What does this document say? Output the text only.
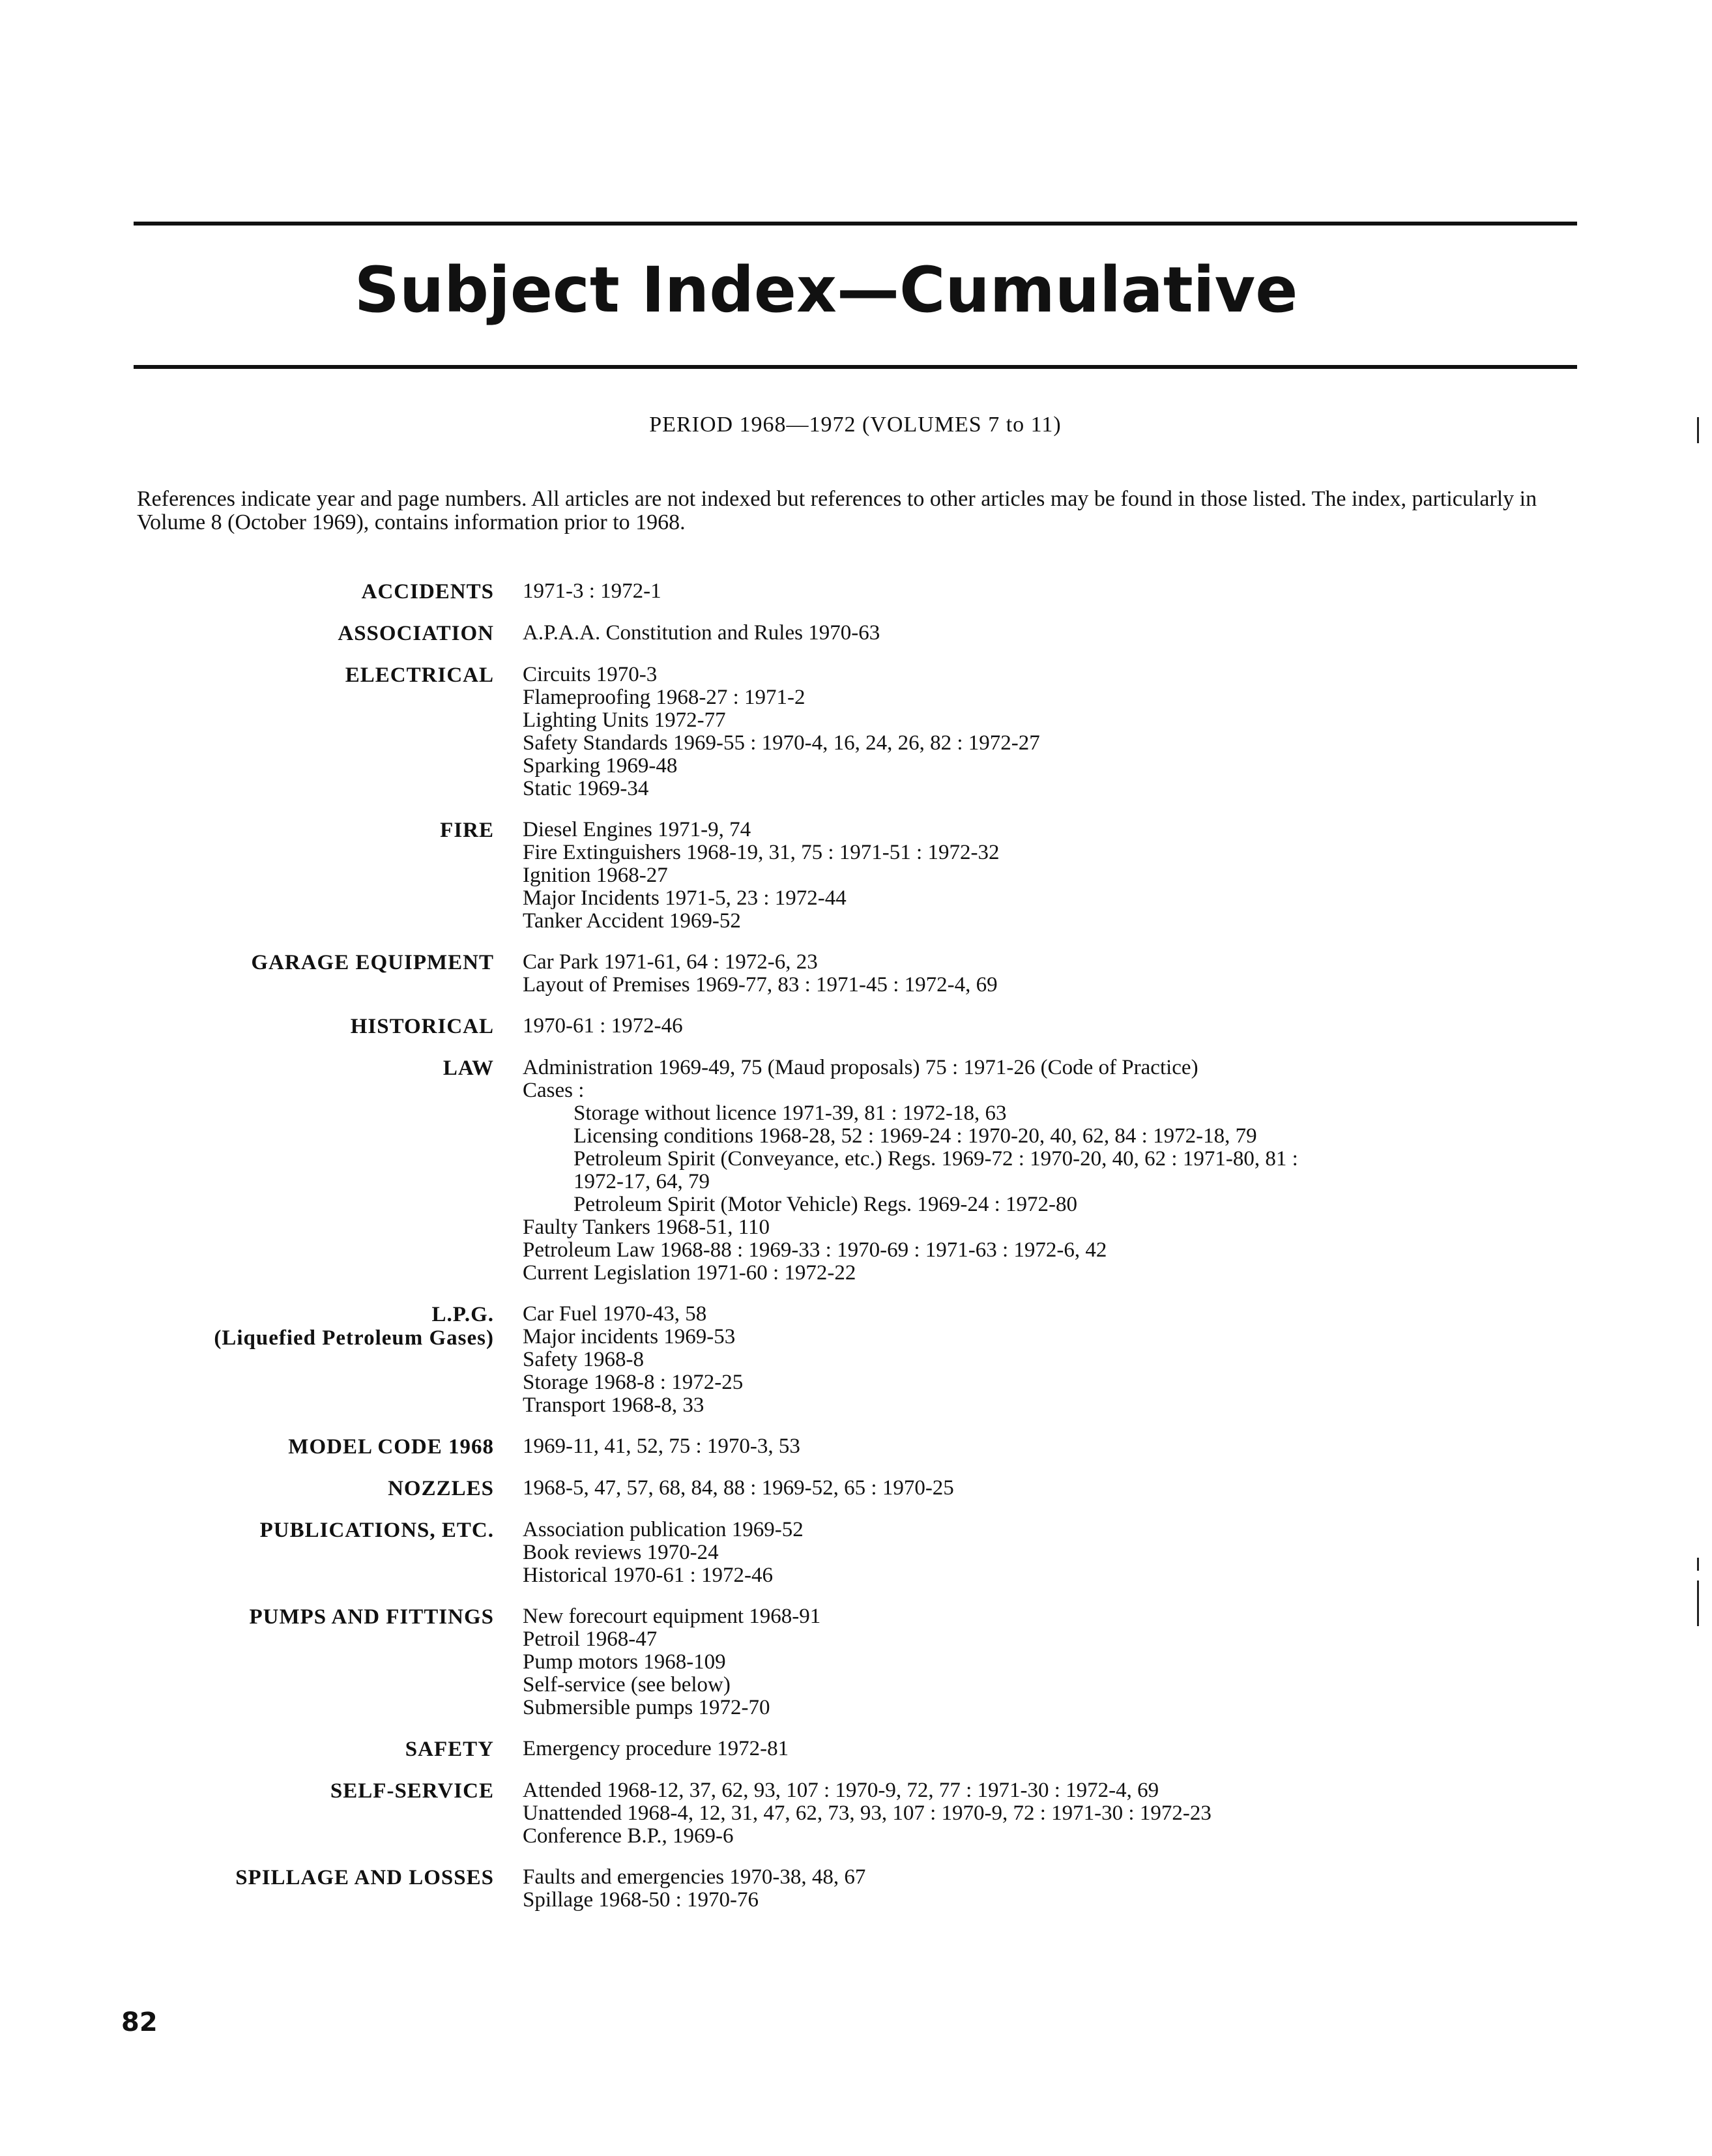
Subject Index—Cumulative
PERIOD 1968—1972 (VOLUMES 7 to 11)

References indicate year and page numbers. All articles are not indexed but references to other articles may be found in those listed. The index, particularly in Volume 8 (October 1969), contains information prior to 1968.

ACCIDENTS 1971-3 : 1972-1
ASSOCIATION A.P.A.A. Constitution and Rules 1970-63
ELECTRICAL Circuits 1970-3
Flameproofing 1968-27 : 1971-2
Lighting Units 1972-77
Safety Standards 1969-55 : 1970-4, 16, 24, 26, 82 : 1972-27
Sparking 1969-48
Static 1969-34
FIRE Diesel Engines 1971-9, 74
Fire Extinguishers 1968-19, 31, 75 : 1971-51 : 1972-32
Ignition 1968-27
Major Incidents 1971-5, 23 : 1972-44
Tanker Accident 1969-52
GARAGE EQUIPMENT Car Park 1971-61, 64 : 1972-6, 23
Layout of Premises 1969-77, 83 : 1971-45 : 1972-4, 69
HISTORICAL 1970-61 : 1972-46
LAW Administration 1969-49, 75 (Maud proposals) 75 : 1971-26 (Code of Practice)
Cases :
Storage without licence 1971-39, 81 : 1972-18, 63
Licensing conditions 1968-28, 52 : 1969-24 : 1970-20, 40, 62, 84 : 1972-18, 79
Petroleum Spirit (Conveyance, etc.) Regs. 1969-72 : 1970-20, 40, 62 : 1971-80, 81 :
1972-17, 64, 79
Petroleum Spirit (Motor Vehicle) Regs. 1969-24 : 1972-80
Faulty Tankers 1968-51, 110
Petroleum Law 1968-88 : 1969-33 : 1970-69 : 1971-63 : 1972-6, 42
Current Legislation 1971-60 : 1972-22
L.P.G.
(Liquefied Petroleum Gases)
Car Fuel 1970-43, 58
Major incidents 1969-53
Safety 1968-8
Storage 1968-8 : 1972-25
Transport 1968-8, 33
MODEL CODE 1968 1969-11, 41, 52, 75 : 1970-3, 53
NOZZLES 1968-5, 47, 57, 68, 84, 88 : 1969-52, 65 : 1970-25
PUBLICATIONS, ETC. Association publication 1969-52
Book reviews 1970-24
Historical 1970-61 : 1972-46
PUMPS AND FITTINGS New forecourt equipment 1968-91
Petroil 1968-47
Pump motors 1968-109
Self-service (see below)
Submersible pumps 1972-70
SAFETY Emergency procedure 1972-81
SELF-SERVICE Attended 1968-12, 37, 62, 93, 107 : 1970-9, 72, 77 : 1971-30 : 1972-4, 69
Unattended 1968-4, 12, 31, 47, 62, 73, 93, 107 : 1970-9, 72 : 1971-30 : 1972-23
Conference B.P., 1969-6
SPILLAGE AND LOSSES Faults and emergencies 1970-38, 48, 67
Spillage 1968-50 : 1970-76
82
